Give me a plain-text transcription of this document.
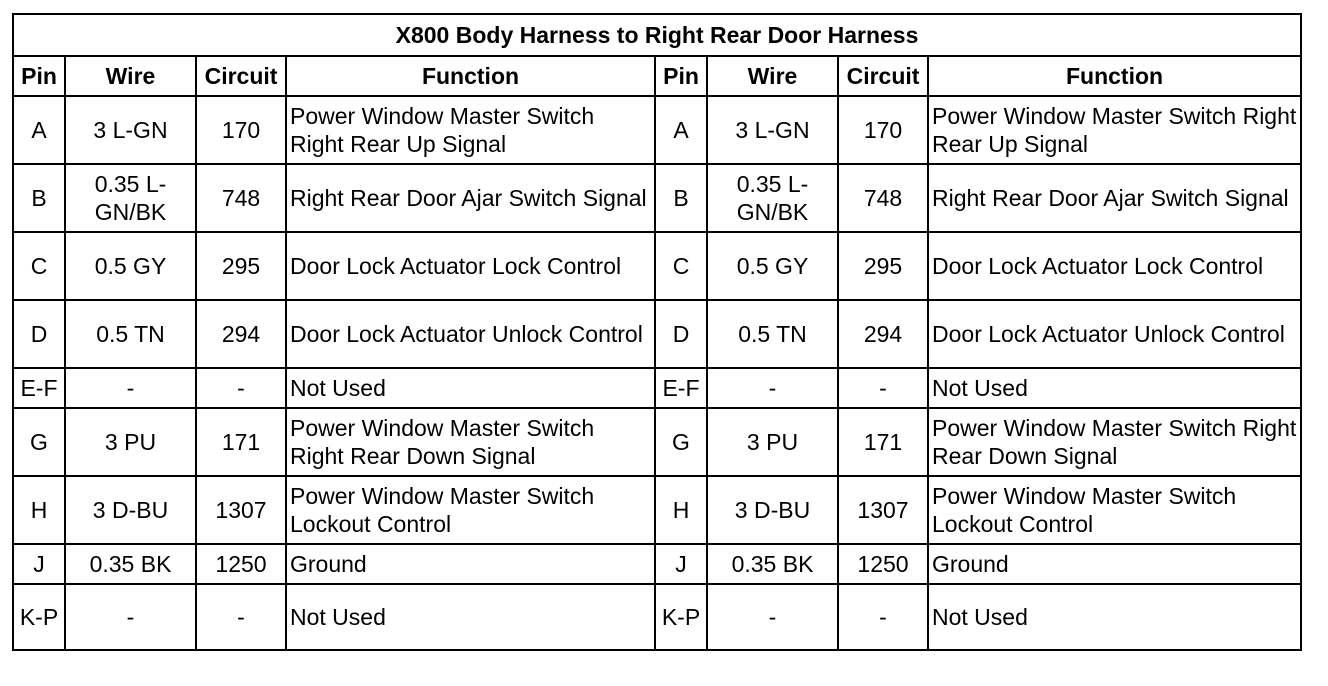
X800 Body Harness to Right Rear Door Harness							
Pin	Wire	Circuit	Function	Pin	Wire	Circuit	Function
A	3 L-GN	170	Power Window Master Switch Right Rear Up Signal	A	3 L-GN	170	Power Window Master Switch Right Rear Up Signal
B	0.35 L-GN/BK	748	Right Rear Door Ajar Switch Signal	B	0.35 L-GN/BK	748	Right Rear Door Ajar Switch Signal
C	0.5 GY	295	Door Lock Actuator Lock Control	C	0.5 GY	295	Door Lock Actuator Lock Control
D	0.5 TN	294	Door Lock Actuator Unlock Control	D	0.5 TN	294	Door Lock Actuator Unlock Control
E-F	-	-	Not Used	E-F	-	-	Not Used
G	3 PU	171	Power Window Master Switch Right Rear Down Signal	G	3 PU	171	Power Window Master Switch Right Rear Down Signal
H	3 D-BU	1307	Power Window Master Switch Lockout Control	H	3 D-BU	1307	Power Window Master Switch Lockout Control
J	0.35 BK	1250	Ground	J	0.35 BK	1250	Ground
K-P	-	-	Not Used	K-P	-	-	Not Used
